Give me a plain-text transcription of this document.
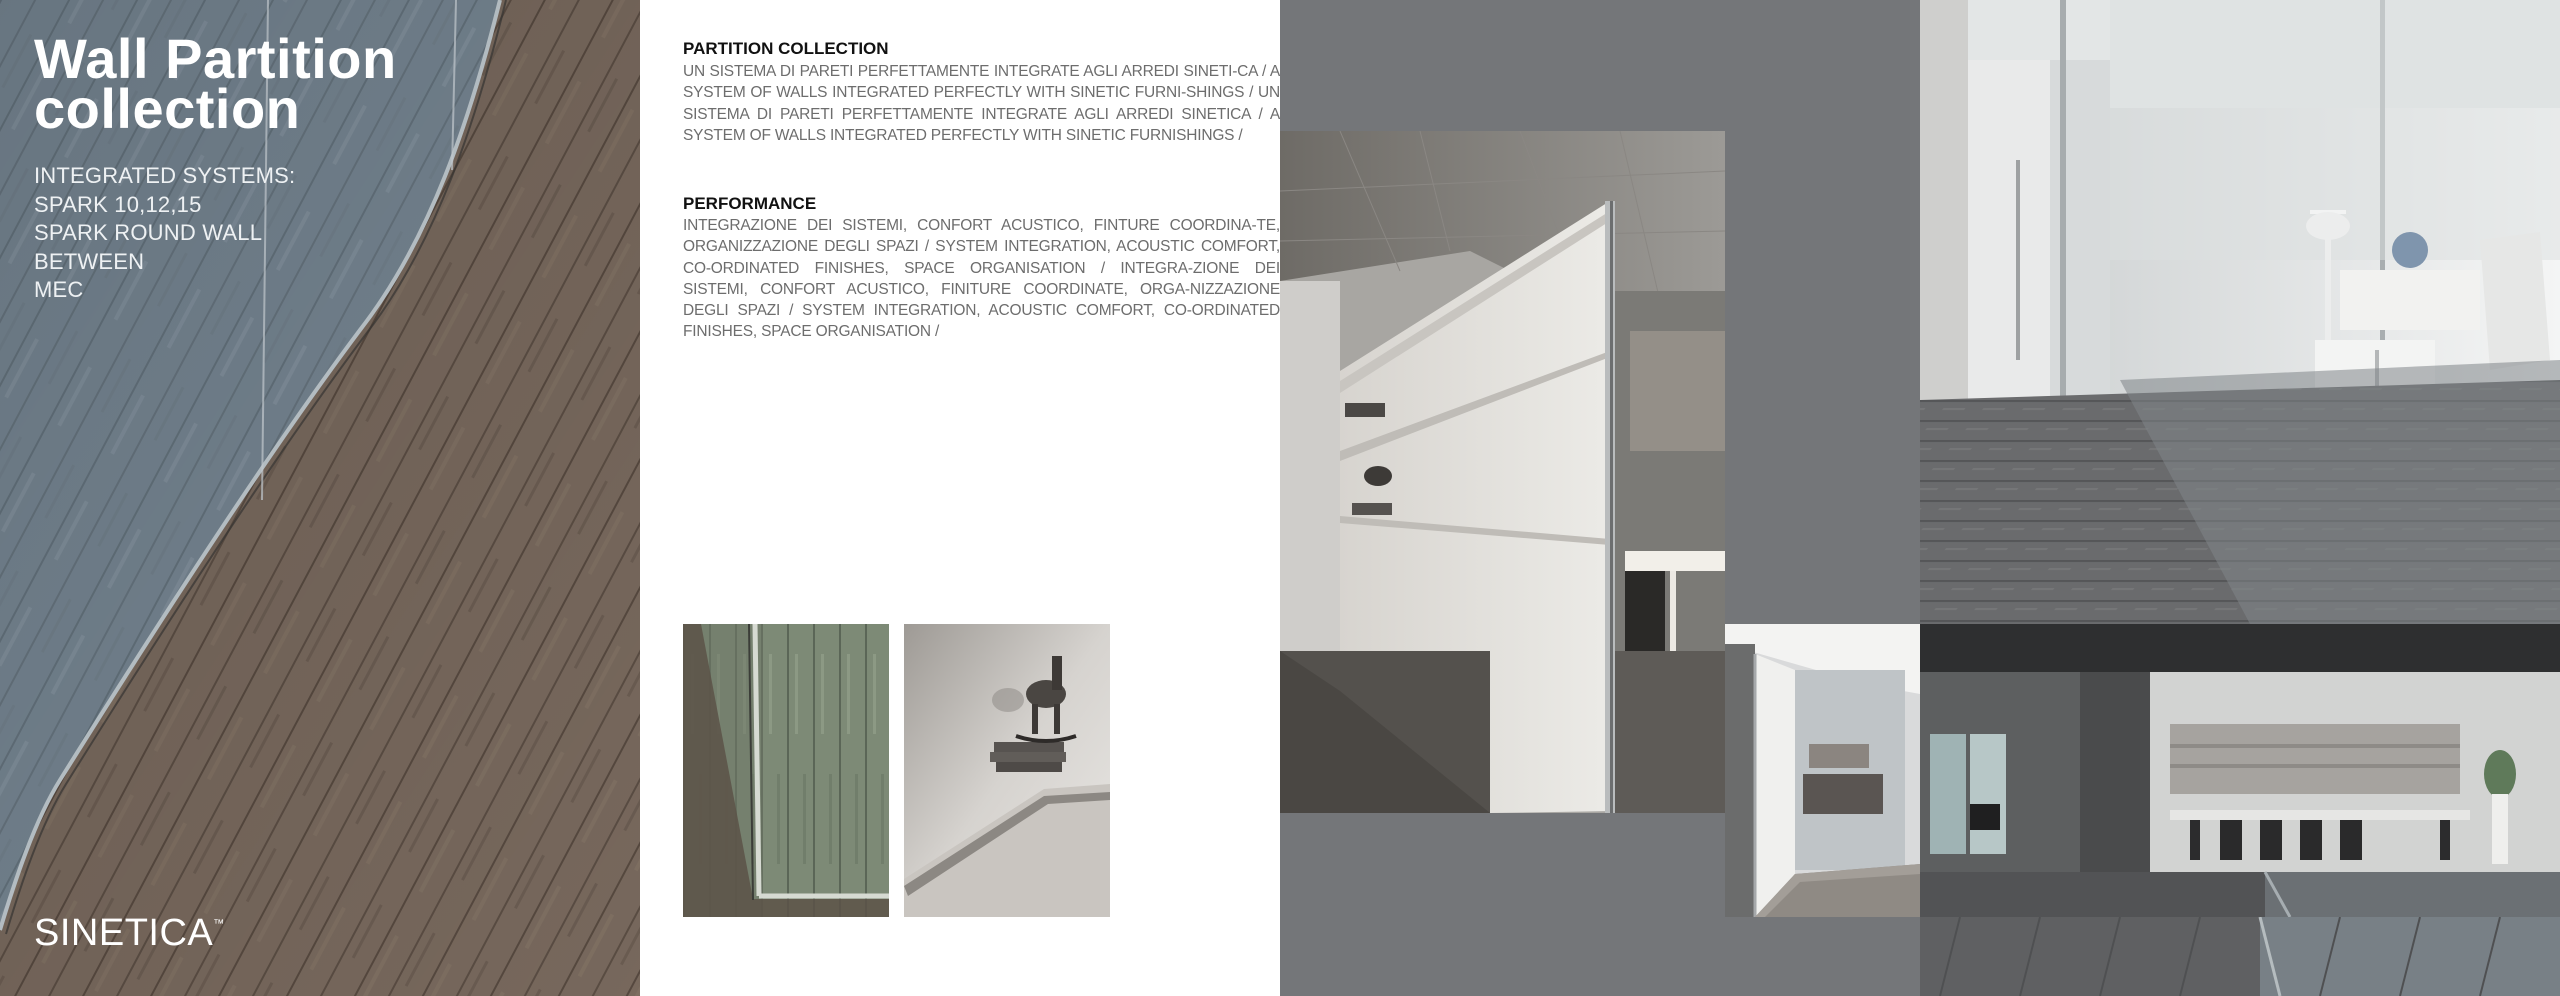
Wall Partition
collection
INTEGRATED SYSTEMS:
SPARK 10,12,15
SPARK ROUND WALL
BETWEEN
MEC
SINETICA™
PARTITION COLLECTION

UN SISTEMA DI PARETI PERFETTAMENTE INTEGRATE AGLI ARREDI SINETI-CA / A SYSTEM OF WALLS INTEGRATED PERFECTLY WITH SINETIC FURNI-SHINGS / UN SISTEMA DI PARETI PERFETTAMENTE INTEGRATE AGLI ARREDI SINETICA / A SYSTEM OF WALLS INTEGRATED PERFECTLY WITH SINETIC FURNISHINGS /

PERFORMANCE

INTEGRAZIONE DEI SISTEMI, CONFORT ACUSTICO, FINTURE COORDINA-TE, ORGANIZZAZIONE DEGLI SPAZI / SYSTEM INTEGRATION, ACOUSTIC COMFORT, CO-ORDINATED FINISHES, SPACE ORGANISATION / INTEGRA-ZIONE DEI SISTEMI, CONFORT ACUSTICO, FINITURE COORDINATE, ORGA-NIZZAZIONE DEGLI SPAZI / SYSTEM INTEGRATION, ACOUSTIC COMFORT, CO-ORDINATED FINISHES, SPACE ORGANISATION /
